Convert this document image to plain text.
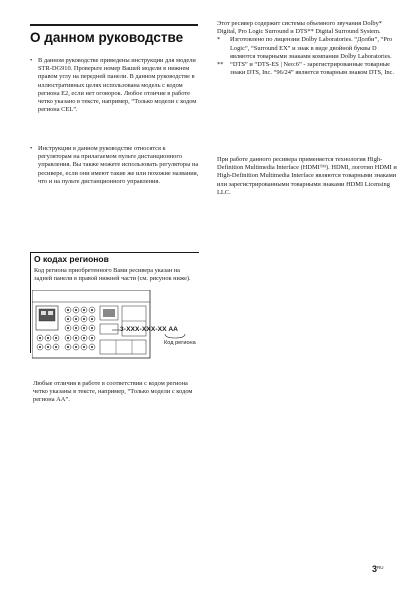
О данном руководстве
• В данном руководстве приведены инструкции для модели STR-DG910. Проверьте номер Вашей модели в нижнем правом углу на передней панели. В данном руководстве в иллюстративных целях использована модель с кодом региона E2, если нет оговорок. Любое отличие в работе четко указано в тексте, например, “Только модели с кодом региона CEL”.
• Инструкции в данном руководстве относятся к регуляторам на прилагаемом пульте дистанционного управления. Вы также можете использовать регуляторы на ресивере, если они имеют такие же или похожие названия, что и на пульте дистанционного управления.
О кодах регионов
Код региона приобретенного Вами ресивера указан на задней панели в правой нижней части (см. рисунок ниже).
3-XXX-XXX-XX AA
Код региона
Любые отличия в работе в соответствии с кодом региона четко указаны в тексте, например, “Только модели с кодом региона AA”.
Этот ресивер содержит системы объемного звучания Dolby* Digital, Pro Logic Surround и DTS** Digital Surround System.
* Изготовлено по лицензии Dolby Laboratories. “Долби”, “Pro Logic”, “Surround EX” и знак в виде двойной буквы D являются товарными знаками компании Dolby Laboratories.
** “DTS” и “DTS-ES | Neo:6” - зарегистрированные товарные знаки DTS, Inc. “96/24” является товарным знаком DTS, Inc.
При работе данного ресивера применяется технология High-Definition Multimedia Interface (HDMI™). HDMI, логотип HDMI и High-Definition Multimedia Interface являются товарными знаками или зарегистрированными товарными знаками HDMI Licensing LLC.
$3^{RU}$
